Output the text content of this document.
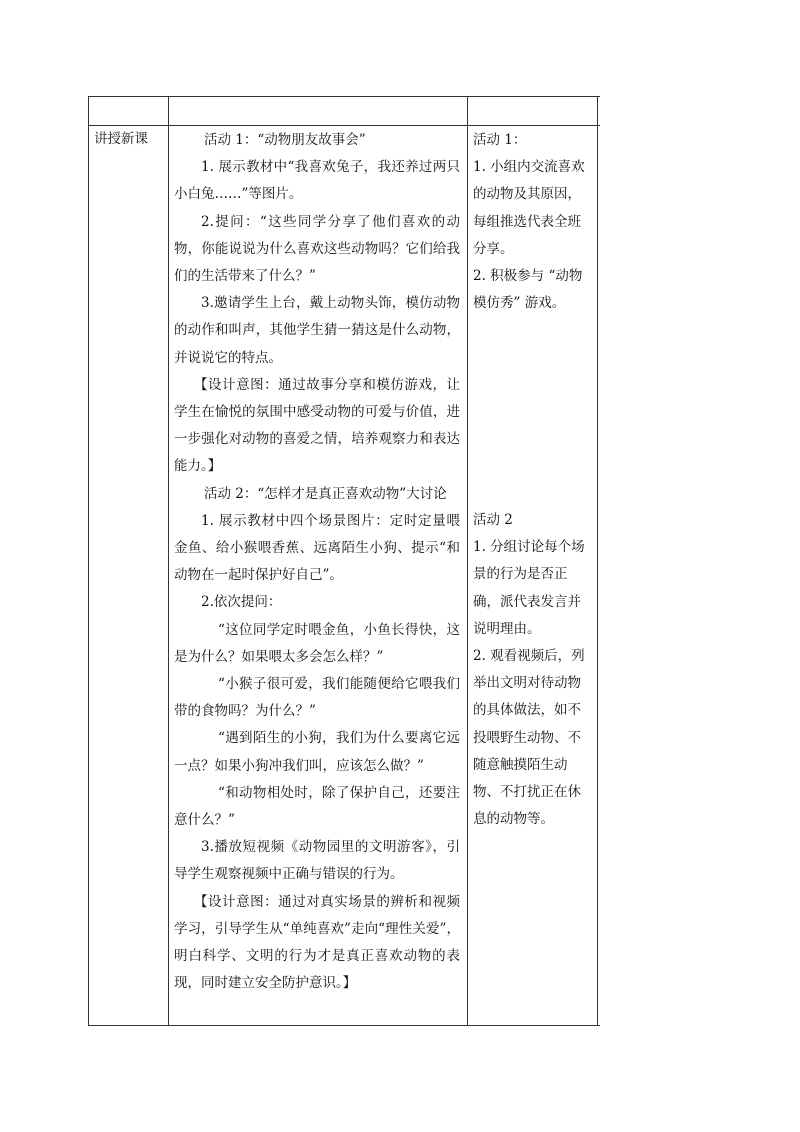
讲授新课	活动 1：“动物朋友故事会”

1. 展示教材中“我喜欢兔子，我还养过两只小白兔……”等图片。

2.提问：“这些同学分享了他们喜欢的动物，你能说说为什么喜欢这些动物吗？它们给我们的生活带来了什么？”

3.邀请学生上台，戴上动物头饰，模仿动物的动作和叫声，其他学生猜一猜这是什么动物，并说说它的特点。

【设计意图：通过故事分享和模仿游戏，让学生在愉悦的氛围中感受动物的可爱与价值，进一步强化对动物的喜爱之情，培养观察力和表达能力。】

活动 2：“怎样才是真正喜欢动物”大讨论

1. 展示教材中四个场景图片：定时定量喂金鱼、给小猴喂香蕉、远离陌生小狗、提示“和动物在一起时保护好自己”。

2.依次提问：

“这位同学定时喂金鱼，小鱼长得快，这是为什么？如果喂太多会怎么样？”

“小猴子很可爱，我们能随便给它喂我们带的食物吗？为什么？”

“遇到陌生的小狗，我们为什么要离它远一点？如果小狗冲我们叫，应该怎么做？”

“和动物相处时，除了保护自己，还要注意什么？”

3.播放短视频《动物园里的文明游客》，引导学生观察视频中正确与错误的行为。

【设计意图：通过对真实场景的辨析和视频学习，引导学生从“单纯喜欢”走向“理性关爱”，明白科学、文明的行为才是真正喜欢动物的表现，同时建立安全防护意识。】

活动 1：

1. 小组内交流喜欢的动物及其原因，每组推选代表全班分享。

2. 积极参与 “动物模仿秀” 游戏。

活动 2

1. 分组讨论每个场景的行为是否正确，派代表发言并说明理由。

2. 观看视频后，列举出文明对待动物的具体做法，如不投喂野生动物、不随意触摸陌生动物、不打扰正在休息的动物等。
